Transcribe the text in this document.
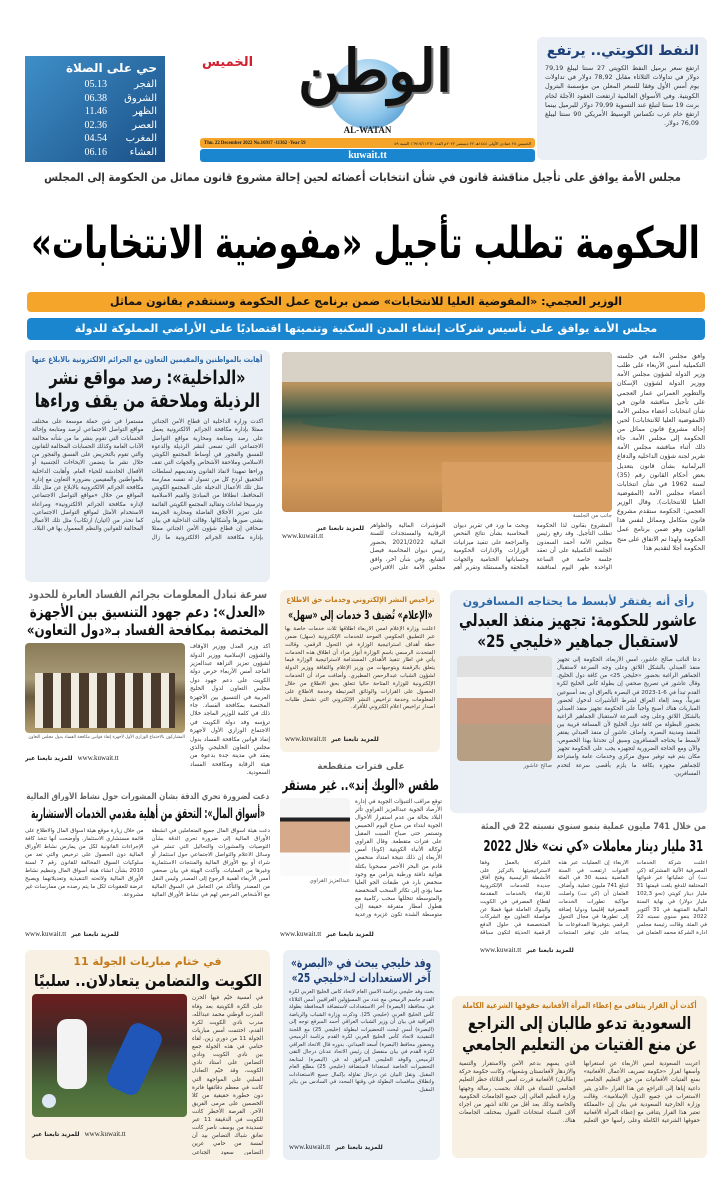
النفط الكويتي.. يرتفع
ارتفع سعر برميل النفط الكويتي 27 سنتا ليبلغ 79,19 دولار في تداولات الثلاثاء مقابل 78,92 دولار في تداولات يوم أمس الأول وفقا للسعر المعلن من مؤسسة البترول الكويتية. وفي الأسواق العالمية ارتفعت العقود الآجلة لخام برنت 19 سنتا لتبلغ عند التسوية 79,99 دولار للبرميل بينما ارتفع خام غرب تكساس الوسيط الأمريكي 90 سنتا ليبلغ 76,09 دولار.
الوطن
الخميس
AL-WATAN
Thu. 22 December 2022 No.16917 -11362 -Year 59	الخميس ٢٨ جمادى الأولى ١٤٤٤هـ ٢٢ ديسمبر ٢٠٢٢م العدد ١٦٩١٧/١١٣٦٢ السنة ٥٩
kuwait.tt
حي على الصلاة
05.13	الفجر
06.38	الشروق
11.46	الظهر
02.36	العصر
04.54	المغرب
06.16	العشاء
مجلس الأمة يوافق على تأجيل مناقشة قانون في شأن انتخابات أعضائه لحين إحالة مشروع قانون مماثل من الحكومة إلى المجلس
الحكومة تطلب تأجيل «مفوضية الانتخابات»
الوزير العجمي: «المفوضية العليا للانتخابات» ضمن برنامج عمل الحكومة وسنتقدم بقانون مماثل
مجلس الأمة يوافق على تأسيس شركات إنشاء المدن السكنية وتنميتها اقتصاديًا على الأراضي المملوكة للدولة
جانب من الجلسة
وافق مجلس الأمة في جلسته التكميلية أمس الأربعاء على طلب وزير الدولة لشؤون مجلس الأمة ووزير الدولة لشؤون الإسكان والتطوير العمراني عمار العجمي على تأجيل مناقشة قانون في شأن انتخابات أعضاء مجلس الأمة (المفوضية العليا للانتخابات) لحين إحالة مشروع قانون مماثل من الحكومة إلى مجلس الأمة. جاء ذلك أثناء مناقشة مجلس الأمة تقرير لجنة شؤون الداخلية والدفاع البرلمانية بشأن قانون بتعديل بعض أحكام القانون رقم (35) لسنة 1962 في شأن انتخابات أعضاء مجلس الأمة (المفوضية العليا للانتخابات). وقال الوزير العجمي: الحكومة ستقدم مشروع قانون متكامل ومماثل لنفس هذا القانون وهو ضمن برنامج عمل الحكومة ولهذا تم الاتفاق على منح الحكومة أجلا لتقديم هذا
المشروع بقانون لذا الحكومة تطلب التأجيل. وقد رفع رئيس مجلس الأمة أحمد السعدون الجلسة التكميلية على أن تعقد جلسة خاصة في الساعة الواحدة ظهر اليوم لمناقشة وبحث ما ورد في تقرير ديوان المحاسبة بشأن نتائج الفحص والمراجعة على تنفيذ ميزانيات الوزارات والإدارات الحكومية وحساباتها الختامية والجهات الملحقة والمستقلة وتقرير أهم المؤشرات المالية والظواهر الرقابية والمستجدات للسنة المالية 2021/2022 بحضور رئيس ديوان المحاسبة فيصل الشايع. وفي شأن آخر، وافق مجلس الأمة على الاقتراحين
للمزيد تابعنا عبر
www.kuwait.tt
أهابت بالمواطنين والمقيمين التعاون مع الجرائم الالكترونية بالابلاغ عنها
«الداخلية»: رصد مواقع نشر الرذيلة وملاحقة من يقف وراءها
أكدت وزارة الداخلية أن قطاع الأمن الجنائي ممثلا بإدارة مكافحة الجرائم الالكترونية يعمل على رصد ومتابعة ومحاربة مواقع التواصل الاجتماعي التي تسعى لنشر الرذيلة والدعوة للفسق والفجور في أوساط المجتمع الكويتي الاسلامي وملاحقة الأشخاص والجهات التي تقف وراءها تمهيدا لانفاذ القانون وتقديمهم لسلطات التحقيق لردع كل من تسول له نفسه ممارسة مثل تلك الأعمال الدخيلة على المجتمع الكويتي المحافظ، انطلاقا من المبادئ والقيم الاسلامية وترسيخا لعادات وتقاليد المجتمع الكويتي القائمة على تعزيز الأخلاق الفاضلة ومحاربة الجريمة بشتى صورها وأشكالها. وقالت الداخلية في بيان صحافي إن قطاع شؤون الأمن الجنائي ممثلا بإدارة مكافحة الجرائم الالكترونية ما زال مستمرا في شن حملة موسعة على مختلف مواقع التواصل الاجتماعي لرصد ومتابعة وإحالة الحسابات التي تقوم بنشر ما من شأنه مخالفة الآداب العامة وكذلك الحسابات المخالفة للقانون والتي تقوم بالتحريض على الفسق والفجور من خلال نشر ما يتضمن الايحاءات الجنسية أو الأفعال الخادشة للحياء العام. وأهابت الداخلية بالمواطنين والمقيمين بضرورة التعاون مع إدارة مكافحة الجرائم الالكترونية بالابلاغ عن مثل تلك المواقع من خلال «مواقع التواصل الاجتماعي لإدارة مكافحة الجرائم الالكترونية» ومراعاة الاستخدام الأمثل لمواقع التواصل الاجتماعي، كما تحذر من (اتيان/ ارتكاب) مثل تلك الأعمال المخالفة للقوانين والنظم المعمول بها في البلاد.
سرعة تبادل المعلومات بجرائم الفساد العابرة للحدود
«العدل»: دعم جهود التنسيق بين الأجهزة المختصة بمكافحة الفساد بـ«دول التعاون»
المشاركون بالاجتماع الوزاري الأول لأجهزة إنفاذ قوانين مكافحة الفساد بدول مجلس التعاون
للمزيد تابعنا عبر www.kuwait.tt
أكد وزير العدل ووزير الأوقاف والشؤون الإسلامية ووزير الدولة لشؤون تعزيز النزاهة عبدالعزيز الماجد أمس الأربعاء حرص دولة الكويت على دعم جهود دول مجلس التعاون لدول الخليج العربية في التنسيق بين الأجهزة المختصة بمكافحة الفساد. جاء ذلك في كلمة للوزير الماجد خلال ترؤسه وفد دولة الكويت في الاجتماع الوزاري الأول لأجهزة إنفاذ قوانين مكافحة الفساد بدول مجلس التعاون الخليجي والذي يعقد في مدينة جدة بدعوة من هيئة الرقابة ومكافحة الفساد السعودية.
تراخيص النشر الإلكتروني وخدمات حق الاطلاع
«الإعلام» تُضيف 3 خدمات إلى «سهل»
أعلنت وزارة الإعلام أمس الأربعاء اطلاقها ثلاث خدمات خاصة بها عبر التطبيق الحكومي الموحد للخدمات الإلكترونية (سهل) ضمن خطة أهداف استراتيجية الوزارة في التحول الرقمي. وقالت المتحدث الرسمي باسم الوزارة أنوار مراد أن اطلاق هذه الخدمات يأتي في اطار تنفيذ الأهداف المستدامة لاستراتيجية الوزارة فيما يتعلق بالرقمنة وبتوجيهات من وزير الإعلام والثقافة ووزير الدولة لشؤون الشباب عبدالرحمن المطيري. وأضافت مراد أن الخدمات الإلكترونية للوزارة المتاحة حاليا تتعلق بحق الاطلاع من خلال الحصول على القرارات والوثائق المرتبطة وخدمة الاطلاع على المعلومات وخدمة تراخيص النشر الإلكتروني التي تشمل طلبات اصدار تراخيص اعلام الكتروني للأفراد.
www.kuwait.tt للمزيد تابعنا عبر
رأى أنه يفتقر لأبسط ما يحتاجه المسافرون
عاشور للحكومة: تجهيز منفذ العبدلي لاستقبال جماهير «خليجي 25»
صالح عاشور
دعا النائب صالح عاشور، أمس الأربعاء، الحكومة إلى تجهيز منفذ العبدلي بالشكل اللائق وعلى وجه السرعة لاستقبال الجماهير الراغبة بحضور «خليجي 25» من كافة دول الخليج. وقال عاشور في تصريح صحفي إن بطولة كأس الخليج لكرة القدم تبدأ في 6-1-2023 في البصرة بالعراق أي بعد أسبوعين تقريباً، وبعد إلغاء العراق لشرط التأشيرات لدخول لحضور المباريات هناك أصبح واجباً على الحكومة تجهيز منفذ العبدلي بالشكل اللائق وعلى وجه السرعة لاستقبال الجماهير الراغبة بحضور البطولة من كافة دول الخليج لأن المسافة قريبة بين المنفذ ومدينة البصرة. وأضاف عاشور أن منفذ العبدلي يفتقر لأبسط ما يحتاجه المسافرون وسبق أن تحدثنا بهذا الخصوص، والآن ومع الحاجة الضرورية لتجهيزه يجب على الحكومة تجهيز مكان يتم فيه توفير سوق مركزي وخدمات عامة واستراحة للجماهير مجهزة بكافة ما يلزم بأقصى سرعة لتخدم المسافرين.
على فترات متقطعة
طقس «الويك إند».. غير مستقر
عبدالعزيز القراوي
توقع مراقب التنبؤات الجوية في إدارة الأرصاد الجوية عبدالعزيز القراوي تأثر البلاد بحالة من عدم استقرار الأحوال الجوية ابتداء من صباح اليوم الخميس وتستمر حتى صباح السبت المقبل على فترات متقطعة. وقال القراوي لوكالة الأنباء الكويتية (كونا) أمس الأربعاء إن ذلك نتيجة امتداد منخفض قادم من البحر الأحمر مصحوبا بكتلة هوائية دافئة ورطبة يتزامن مع وجود منخفض بارد في طبقات الجو العليا مما يؤدي إلى تكاثر السحب المنخفضة والمتوسطة تتخللها سحب ركامية مع هطول أمطار متفرقة خفيفة إلى متوسطة الشدة تكون غزيرة ورعدية
www.kuwait.tt للمزيد تابعنا عبر
دعت لضرورة تحري الدقة بشأن المشورات حول نشاط الأوراق المالية
«أسواق المال»: التحقق من أهلية مقدمي الخدمات الاستشارية
دعت هيئة أسواق المال جميع المتعاملين في أنشطة الأوراق المالية إلى ضرورة تحري الدقة بشأن التوصيات والمشورات والتحاليل التي تنشر في وسائل الاعلام والتواصل الاجتماعي حول استثمار أو شراء أو بيع الأوراق المالية والمنتجات الاستثمارية وغيرها من العمليات. وأكدت الهيئة في بيان صحفي أمس الأربعاء أهمية الرجوع إلى المصدر وليس النقل من المصدر والتأكد من التعامل في السوق المالية مع الأشخاص المرخص لهم في نشاط الأوراق المالية من خلال زيارة موقع هيئة أسواق المال والاطلاع على قائمة مستشاري الاستثمار. وأوضحت أنها تتخذ كافة الإجراءات القانونية لكل من يمارس نشاط الأوراق المالية دون الحصول على ترخيص والتي تعد من سلوكيات السوق المخالفة للقانون رقم 7 لسنة 2010 بشأن انشاء هيئة أسواق المال وتنظيم نشاط الأوراق المالية ولائحته التنفيذية وتعديلاتهما ويصبح عرضة للعقوبات لكل ما يتم رصده من ممارسات غير مشروعة.
www.kuwait.tt للمزيد تابعنا عبر
من خلال 741 مليون عملية بنمو سنوي نسبته 22 في المئة
31 مليار دينار معاملات «كي نت» خلال 2022
أعلنت شركة الخدمات المصرفية الآلية المشتركة (كي نت) أن عملياتها عبر قنواتها المختلفة للدفع بلغت قيمتها 31 مليار دينار كويتي (نحو 102,3 مليار دولار) في نهاية السنة المالية المنتهية في 31 أكتوبر 2022 بنمو سنوي نسبته 22 في المئة. وقالت رئيسة مجلس ادارة الشركة محمد العثمان في الأربعاء إن العمليات عبر هذه القنوات ارتفعت في السنة الماضية بنسبة 30 في المئة لتبلغ 741 مليون عملية. وأضاف العثمان أن (كي نت) واصلت مواكبة تطورات الخدمات المصرفية إقليميا ودوليا إضافة إلى تطورها في مجال التحول الرقمي بتوفيرها المدفوعات ما يساعد على توفير المنتجات الشركة بالعمل وفقا لاستراتيجيتها بالتركيز على الأنشطة الرئيسية وفتح آفاق جديدة للخدمات الإلكترونية للارتقاء بالخدمات المقدمة لقطاع المصرفي في الكويت والبنوك العاملة فيها فضلا عن مواصلة التعاون مع الشركات المتخصصة في حلول الدفع الرقمية الحديثة لتكون سباقة
www.kuwait.tt للمزيد تابعنا عبر
في ختام مباريات الجولة 11
الكويت والتضامن يتعادلان.. سلبيًا
للمزيد تابعنا عبر www.kuwait.tt
في أمسية خيّم فيها الحزن على الكرة الكويتية بعد وفاة المدرب الوطني محمد عبدالله، مدرب نادي الكويت لكرة القدم، اختتمت أمس مباريات الجولة 11 من دوري زين. لقاء ختامي في هذه الجولة جمع بين نادي الكويت ونادي التضامن على استاد نادي الكويت، وقد خيّم التعادل السلبي على المواجهة التي كانت في معظم دقائقها فاترة دون خطورة حقيقية من كلا الخصمين على مرمى الفريق الآخر. الفرصة الأخطر كانت للكويت في الدقيقة 11 عبر تسديدة من يوسف ناصر كانت تعانق شباك التضامن بيد أن لمسة من حامي عرين التضامن سعود الجناعي
وفد خليجي يبحث في «البصرة» آخر الاستعدادات لـ«خليجي 25»
بحث وفد خليجي برئاسة الأمين العام لاتحاد كأس الخليج العربي لكرة القدم جاسم الرميحي مع عدد من المسؤولين العراقيين أمس الثلاثاء في محافظة (البصرة) آخر الاستعدادات لاستضافة المحافظة بطولة كأس الخليج العربي (خليجي 25). وذكرت وزارة الشباب والرياضة العراقية في بيان أن وزير الشباب العراقي أحمد المبرقع توجه إلى (البصرة) أمس لبحث التحضيرات لبطولة (خليجي 25) مع اللجنة التنفيذية لاتحاد كأس الخليج العربي لكرة القدم برئاسة الرميحي وبحضور محافظ (البصرة) أسعد العيداني. بدوره قال الاتحاد العراقي لكرة القدم في بيان منفصل إن رئيس الاتحاد عدنان درجال التقى الرميحي والوفد الخليجي المرافق له في (البصرة) لمتابعة التحضيرات الخاصة استعدادا لاستضافة (خليجي 25) مطلع العام المقبل. ونقل البيان عن درجال تفاؤله بإكمال جميع الاستعدادات وانطلاق منافسات البطولة في وقتها المحدد في السادس من يناير المقبل.
www.kuwait.tt للمزيد تابعنا عبر
أكدت أن القرار يتنافى مع إعطاء المرأة الأفغانية حقوقها الشرعية الكاملة
السعودية تدعو طالبان إلى التراجع عن منع الفتيات من التعليم الجامعي
أعربت السعودية أمس الأربعاء عن استغرابها وأسفها لقرار «حكومة تصريف الأعمال الأفغانية» بمنع الفتيات الأفغانيات من حق التعليم الجامعي داعية إياها إلى التراجع عن هذا القرار «الذي يثير الاستغراب في جميع الدول الإسلامية». وقالت وزارة الخارجية السعودية في بيان إن «المملكة تعتبر هذا القرار يتنافى مع إعطاء المرأة الأفغانية حقوقها الشرعية الكاملة وعلى رأسها حق التعليم الذي يسهم بدعم الأمن والاستقرار والتنمية والازدهار لأفغانستان وشعبها». وكانت حكومة حركة (طالبان) الأفغانية قررت أمس الثلاثاء حظر التعليم الجامعي للنساء في البلاد بحسب رسالة وجهتها وزارة التعليم العالي إلى جميع الجامعات الحكومية والخاصة وذلك بعد أقل من ثلاثة أشهر من اجراء آلاف النساء امتحانات القبول بمختلف الجامعات هناك.
